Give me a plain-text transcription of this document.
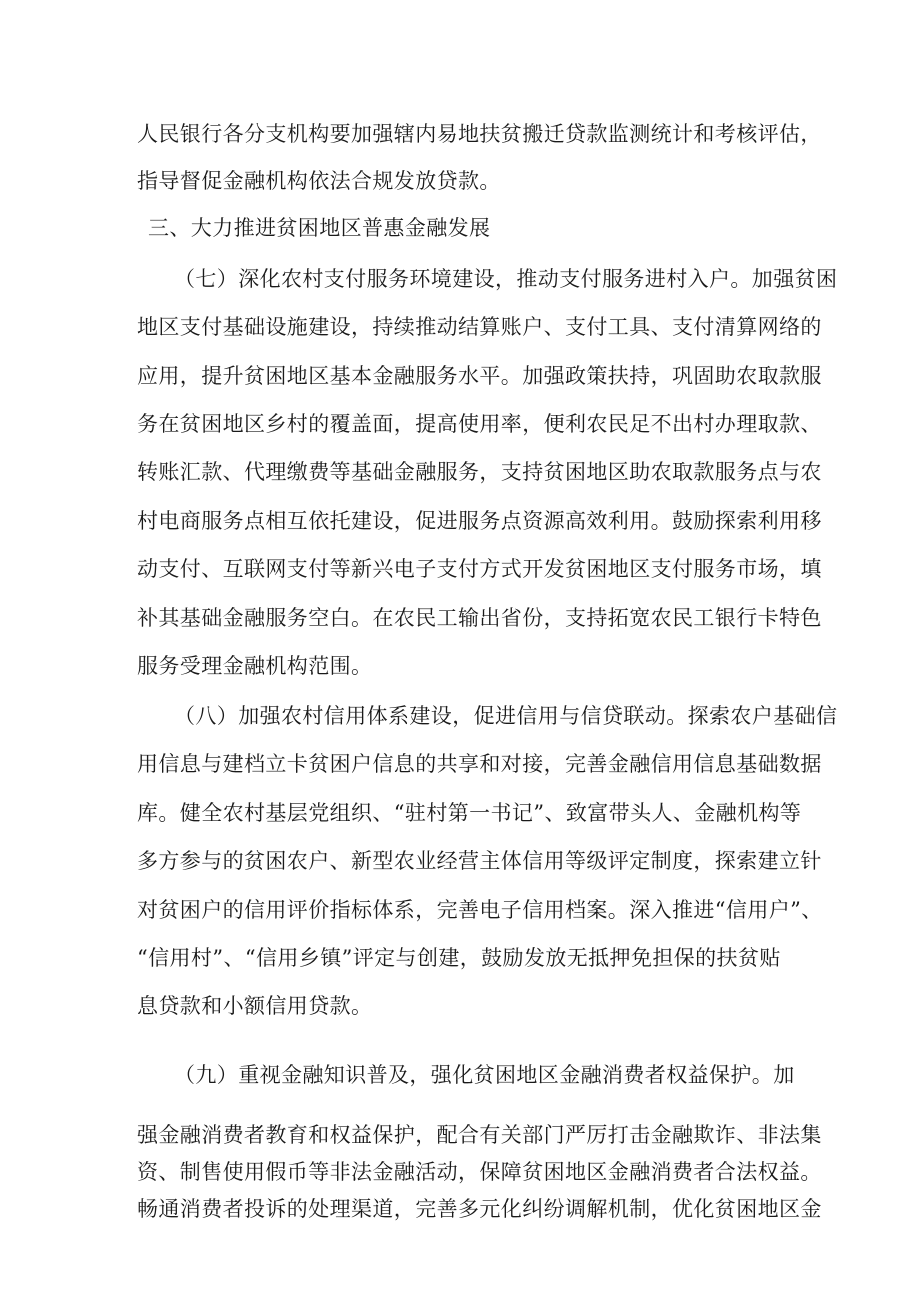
人民银行各分支机构要加强辖内易地扶贫搬迁贷款监测统计和考核评估，
指导督促金融机构依法合规发放贷款。
三、大力推进贫困地区普惠金融发展
（七）深化农村支付服务环境建设，推动支付服务进村入户。加强贫困
地区支付基础设施建设，持续推动结算账户、支付工具、支付清算网络的
应用，提升贫困地区基本金融服务水平。加强政策扶持，巩固助农取款服
务在贫困地区乡村的覆盖面，提高使用率，便利农民足不出村办理取款、
转账汇款、代理缴费等基础金融服务，支持贫困地区助农取款服务点与农
村电商服务点相互依托建设，促进服务点资源高效利用。鼓励探索利用移
动支付、互联网支付等新兴电子支付方式开发贫困地区支付服务市场，填
补其基础金融服务空白。在农民工输出省份，支持拓宽农民工银行卡特色
服务受理金融机构范围。
（八）加强农村信用体系建设，促进信用与信贷联动。探索农户基础信
用信息与建档立卡贫困户信息的共享和对接，完善金融信用信息基础数据
库。健全农村基层党组织、“驻村第一书记”、致富带头人、金融机构等
多方参与的贫困农户、新型农业经营主体信用等级评定制度，探索建立针
对贫困户的信用评价指标体系，完善电子信用档案。深入推进“信用户”、
“信用村”、“信用乡镇”评定与创建，鼓励发放无抵押免担保的扶贫贴
息贷款和小额信用贷款。
（九）重视金融知识普及，强化贫困地区金融消费者权益保护。加
强金融消费者教育和权益保护，配合有关部门严厉打击金融欺诈、非法集
资、制售使用假币等非法金融活动，保障贫困地区金融消费者合法权益。
畅通消费者投诉的处理渠道，完善多元化纠纷调解机制，优化贫困地区金
